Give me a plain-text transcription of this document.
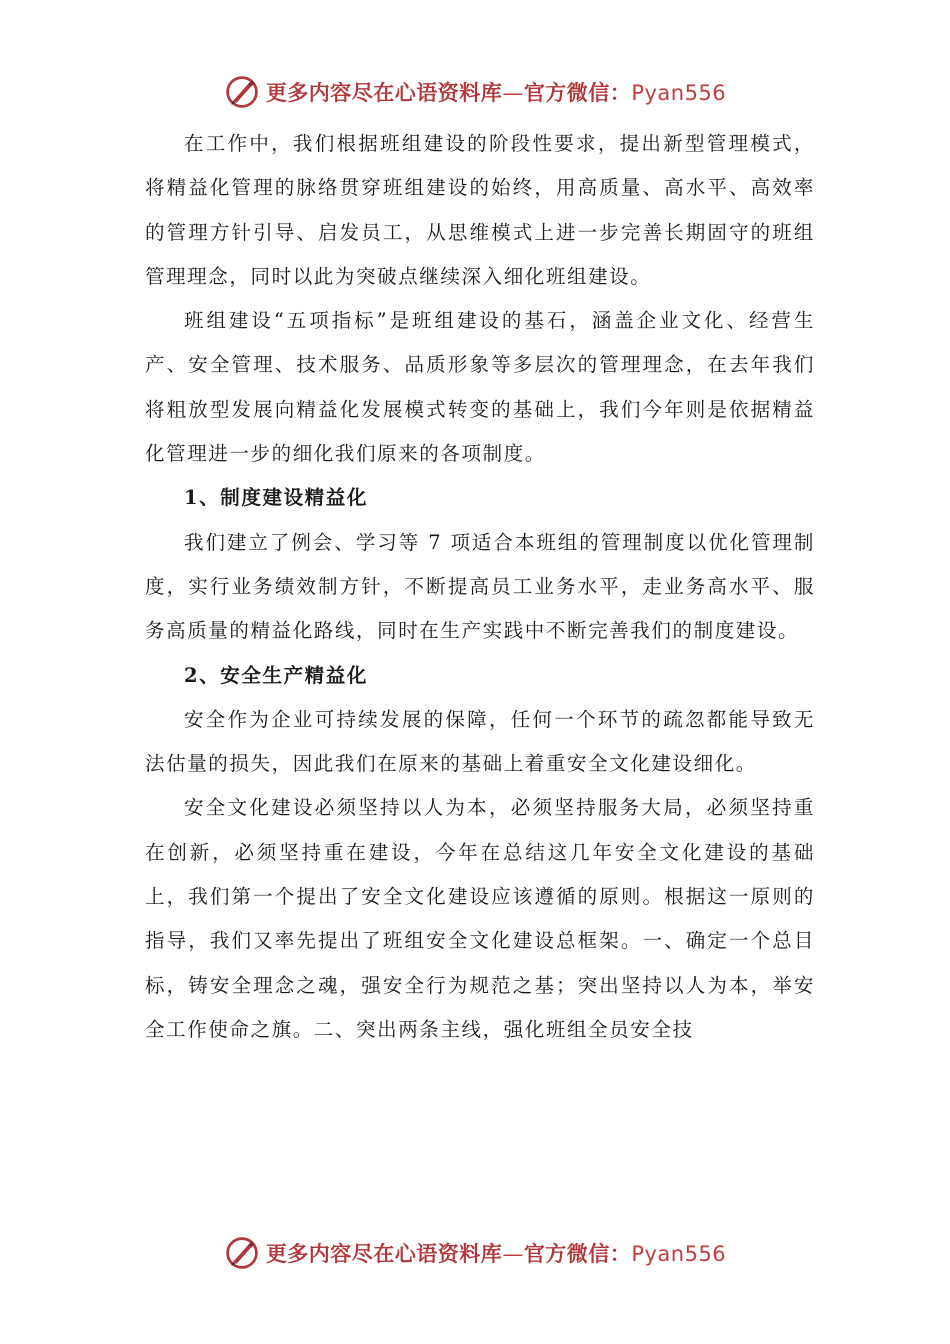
更多内容尽在心语资料库—官方微信：Pyan556

在工作中，我们根据班组建设的阶段性要求，提出新型管理模式，将精益化管理的脉络贯穿班组建设的始终，用高质量、高水平、高效率的管理方针引导、启发员工，从思维模式上进一步完善长期固守的班组管理理念，同时以此为突破点继续深入细化班组建设。

班组建设“五项指标”是班组建设的基石，涵盖企业文化、经营生产、安全管理、技术服务、品质形象等多层次的管理理念，在去年我们将粗放型发展向精益化发展模式转变的基础上，我们今年则是依据精益化管理进一步的细化我们原来的各项制度。

1、制度建设精益化

我们建立了例会、学习等 7 项适合本班组的管理制度以优化管理制度，实行业务绩效制方针，不断提高员工业务水平，走业务高水平、服务高质量的精益化路线，同时在生产实践中不断完善我们的制度建设。

2、安全生产精益化

安全作为企业可持续发展的保障，任何一个环节的疏忽都能导致无法估量的损失，因此我们在原来的基础上着重安全文化建设细化。

安全文化建设必须坚持以人为本，必须坚持服务大局，必须坚持重在创新，必须坚持重在建设，今年在总结这几年安全文化建设的基础上，我们第一个提出了安全文化建设应该遵循的原则。根据这一原则的指导，我们又率先提出了班组安全文化建设总框架。一、确定一个总目标，铸安全理念之魂，强安全行为规范之基；突出坚持以人为本，举安全工作使命之旗。二、突出两条主线，强化班组全员安全技

更多内容尽在心语资料库—官方微信：Pyan556
